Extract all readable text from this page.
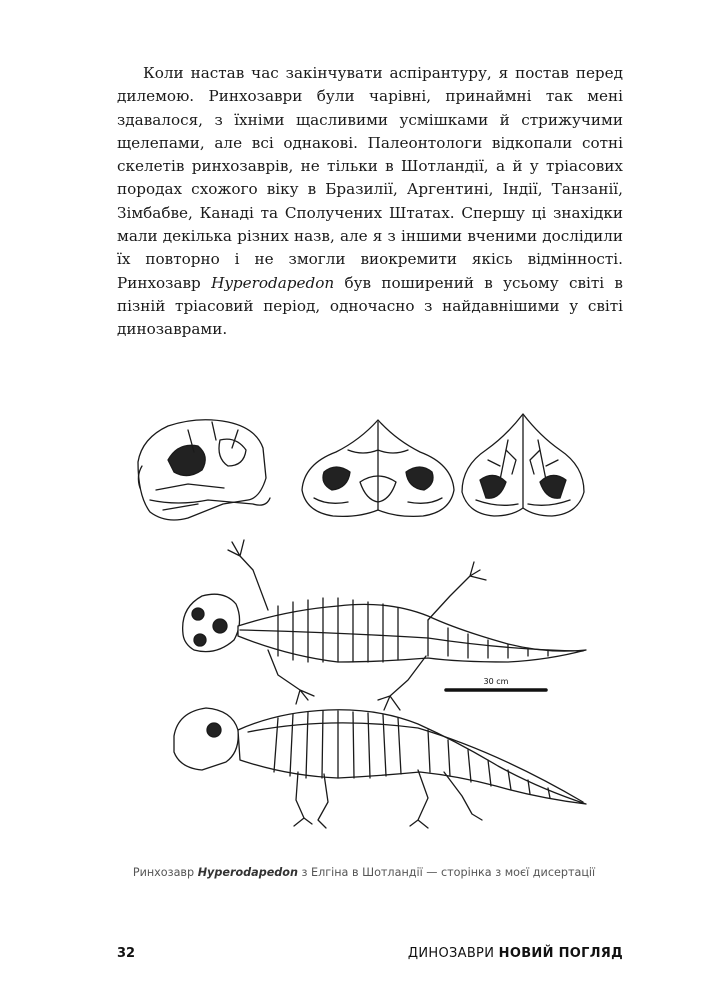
Коли настав час закінчувати аспірантуру, я постав перед дилемою. Ринхозаври були чарівні, принаймні так мені здавалося, з їхніми щасливими усмішками й стрижучими щелепами, але всі однакові. Палеонтологи відкопали сотні скелетів ринхозаврів, не тільки в Шотландії, а й у тріасових породах схожого віку в Бразилії, Аргентині, Індії, Танзанії, Зімбабве, Канаді та Сполучених Штатах. Спершу ці знахідки мали декілька різних назв, але я з іншими вченими дослідили їх повторно і не змогли виокремити якісь відмінності. Ринхозавр Hyperodapedon був поширений в усьому світі в пізній тріасовий період, одночасно з найдавнішими у світі динозаврами.

30 cm
Ринхозавр Hyperodapedon з Елгіна в Шотландії — сторінка з моєї дисертації
32	ДИНОЗАВРИ НОВИЙ ПОГЛЯД
